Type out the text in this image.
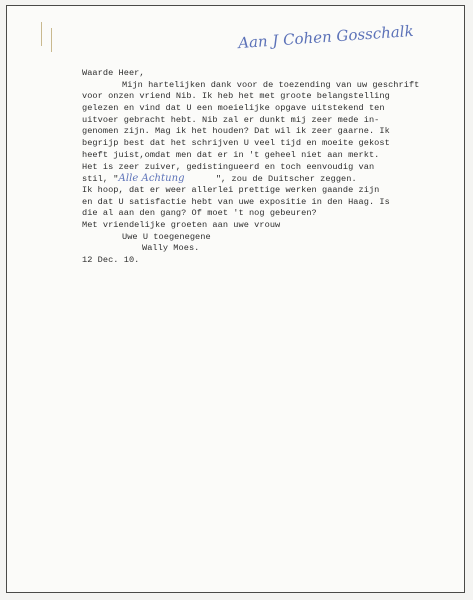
Aan J Cohen Gosschalk
Waarde Heer,
Mijn hartelijken dank voor de toezending van uw geschrift
voor onzen vriend Nib. Ik heb het met groote belangstelling
gelezen en vind dat U een moeielijke opgave uitstekend ten
uitvoer gebracht hebt. Nib zal er dunkt mij zeer mede in-
genomen zijn. Mag ik het houden? Dat wil ik zeer gaarne. Ik
begrijp best dat het schrijven U veel tijd en moeite gekost
heeft juist,omdat men dat er in 't geheel niet aan merkt.
Het is zeer zuiver, gedistingueerd en toch eenvoudig van
stil, "Alle Achtung	", zou de Duitscher zeggen.
Ik hoop, dat er weer allerlei prettige werken gaande zijn
en dat U satisfactie hebt van uwe expositie in den Haag. Is
die al aan den gang? Of moet 't nog gebeuren?
Met vriendelijke groeten aan uwe vrouw
Uwe U toegenegene
Wally Moes.
12 Dec. 10.
